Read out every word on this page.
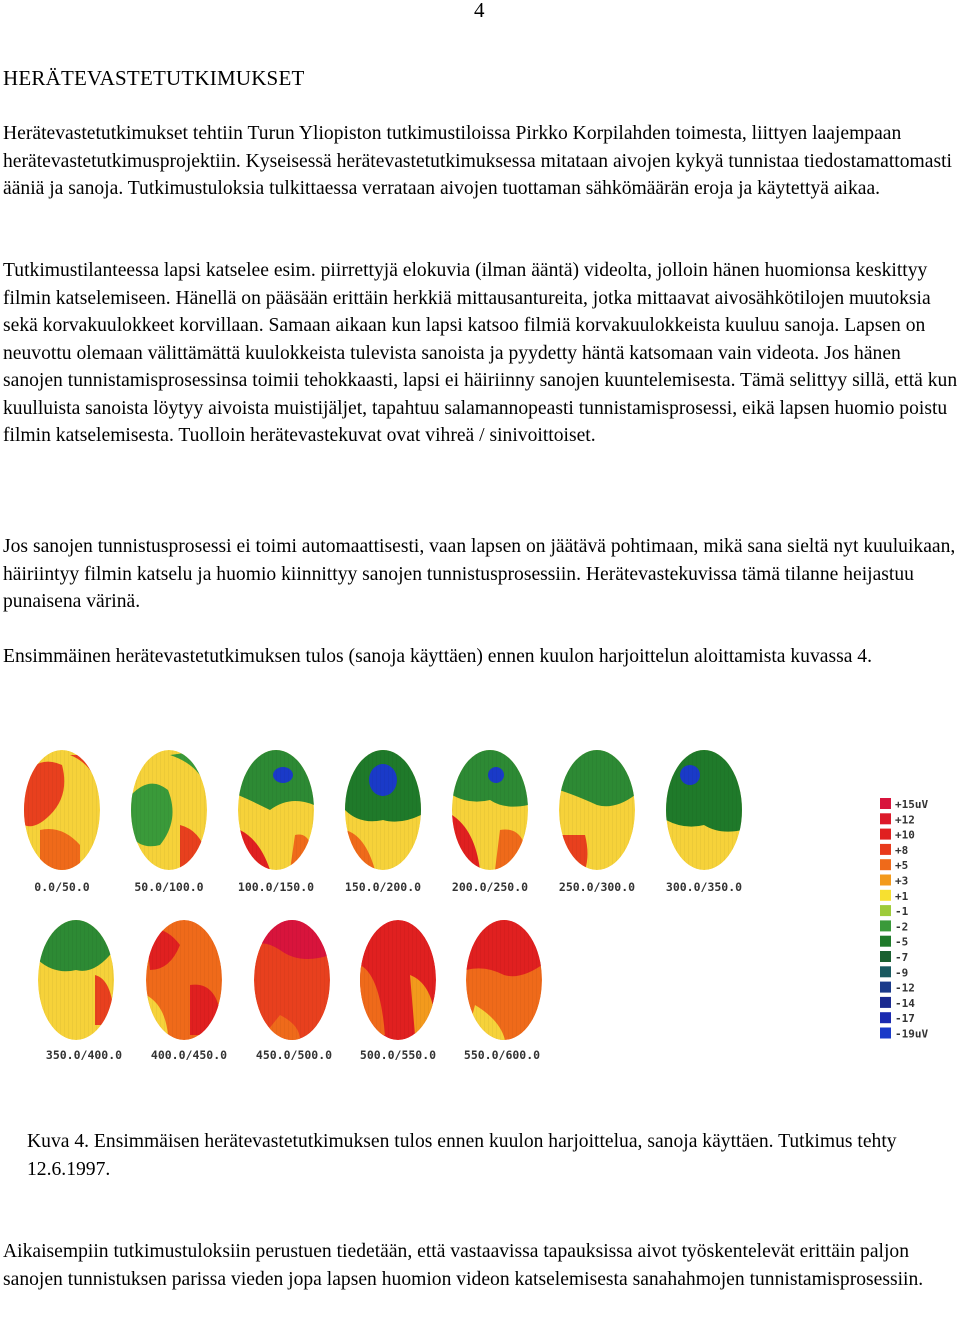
4
HERÄTEVASTETUTKIMUKSET

Herätevastetutkimukset tehtiin Turun Yliopiston tutkimustiloissa Pirkko Korpilahden toimesta, liittyen laajempaan herätevastetutkimusprojektiin. Kyseisessä herätevastetutkimuksessa mitataan aivojen kykyä tunnistaa tiedostamattomasti ääniä ja sanoja. Tutkimustuloksia tulkittaessa verrataan aivojen tuottaman sähkömäärän eroja ja käytettyä aikaa.

Tutkimustilanteessa lapsi katselee esim. piirrettyjä elokuvia (ilman ääntä) videolta, jolloin hänen huomionsa keskittyy filmin katselemiseen. Hänellä on pääsään erittäin herkkiä mittausantureita, jotka mittaavat aivosähkötilojen muutoksia sekä korvakuulokkeet korvillaan. Samaan aikaan kun lapsi katsoo filmiä korvakuulokkeista kuuluu sanoja. Lapsen on neuvottu olemaan välittämättä kuulokkeista tulevista sanoista ja pyydetty häntä katsomaan vain videota. Jos hänen sanojen tunnistamisprosessinsa toimii tehokkaasti, lapsi ei häiriinny sanojen kuuntelemisesta. Tämä selittyy sillä, että kun kuulluista sanoista löytyy aivoista muistijäljet, tapahtuu salamannopeasti tunnistamisprosessi, eikä lapsen huomio poistu filmin katselemisesta. Tuolloin herätevastekuvat ovat vihreä / sinivoittoiset.

Jos sanojen tunnistusprosessi ei toimi automaattisesti, vaan lapsen on jäätävä pohtimaan, mikä sana sieltä nyt kuuluikaan, häiriintyy filmin katselu ja huomio kiinnittyy sanojen tunnistusprosessiin. Herätevastekuvissa tämä tilanne heijastuu punaisena värinä.

Ensimmäinen herätevastetutkimuksen tulos (sanoja käyttäen) ennen kuulon harjoittelun aloittamista kuvassa 4.

0.0/50.0	50.0/100.0	100.0/150.0	150.0/200.0	200.0/250.0	250.0/300.0	300.0/350.0
350.0/400.0	400.0/450.0	450.0/500.0 500.0/550.0 550.0/600.0
+15uV
+12
+10
+8
+5
+3
+1
-1
-2
-5
-7
-9
-12
-14
-17
-19uV

Kuva 4. Ensimmäisen herätevastetutkimuksen tulos ennen kuulon harjoittelua, sanoja käyttäen. Tutkimus tehty 12.6.1997.

Aikaisempiin tutkimustuloksiin perustuen tiedetään, että vastaavissa tapauksissa aivot työskentelevät erittäin paljon sanojen tunnistuksen parissa vieden jopa lapsen huomion videon katselemisesta sanahahmojen tunnistamisprosessiin.
